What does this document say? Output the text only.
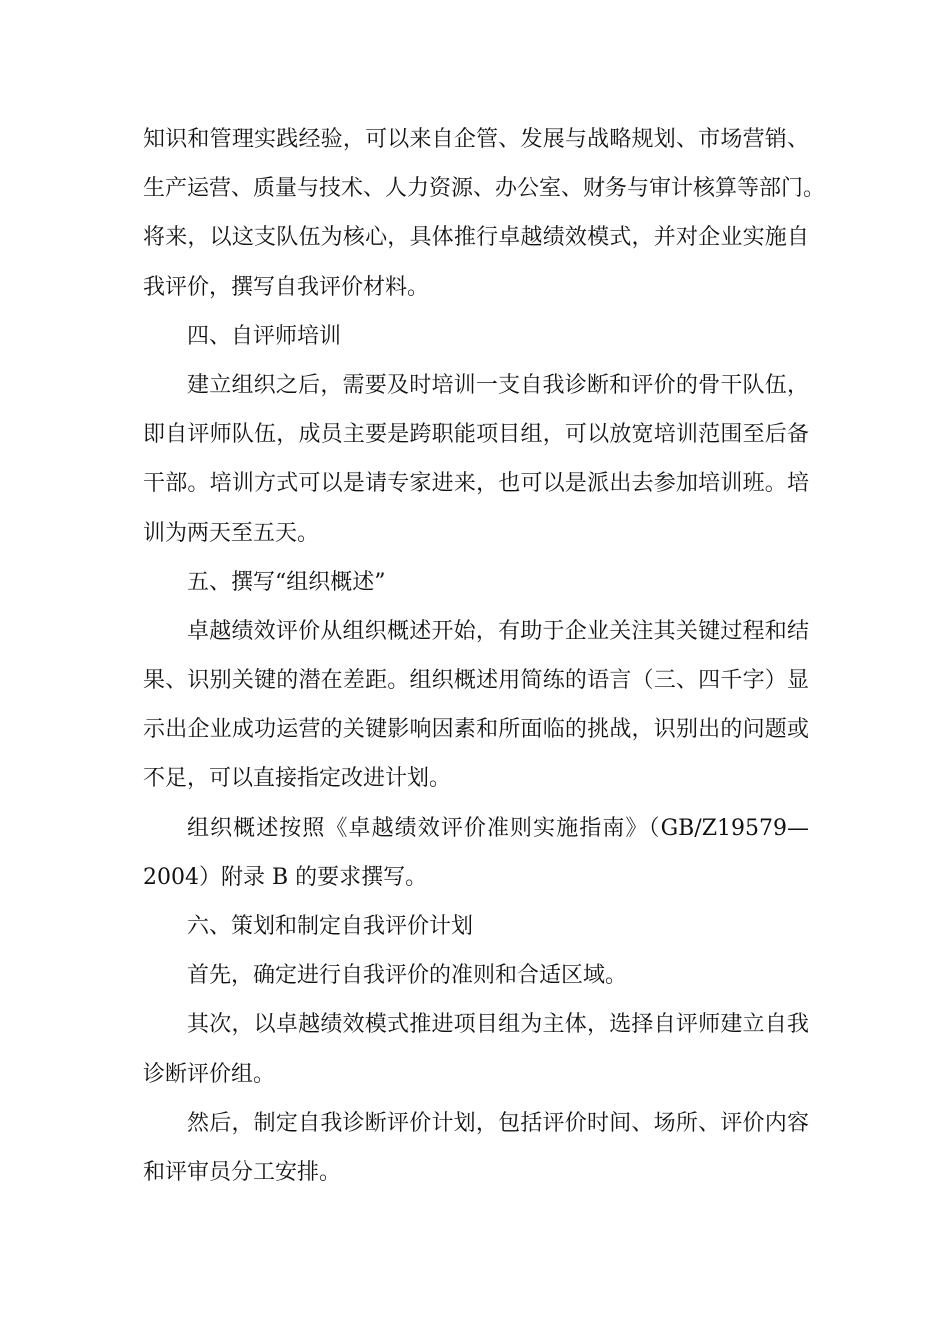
知识和管理实践经验，可以来自企管、发展与战略规划、市场营销、
生产运营、质量与技术、人力资源、办公室、财务与审计核算等部门。
将来，以这支队伍为核心，具体推行卓越绩效模式，并对企业实施自
我评价，撰写自我评价材料。
四、自评师培训
建立组织之后，需要及时培训一支自我诊断和评价的骨干队伍，
即自评师队伍，成员主要是跨职能项目组，可以放宽培训范围至后备
干部。培训方式可以是请专家进来，也可以是派出去参加培训班。培
训为两天至五天。
五、撰写“组织概述”
卓越绩效评价从组织概述开始，有助于企业关注其关键过程和结
果、识别关键的潜在差距。组织概述用简练的语言（三、四千字）显
示出企业成功运营的关键影响因素和所面临的挑战，识别出的问题或
不足，可以直接指定改进计划。
组织概述按照《卓越绩效评价准则实施指南》（GB/Z19579—
2004）附录 B 的要求撰写。
六、策划和制定自我评价计划
首先，确定进行自我评价的准则和合适区域。
其次，以卓越绩效模式推进项目组为主体，选择自评师建立自我
诊断评价组。
然后，制定自我诊断评价计划，包括评价时间、场所、评价内容
和评审员分工安排。
